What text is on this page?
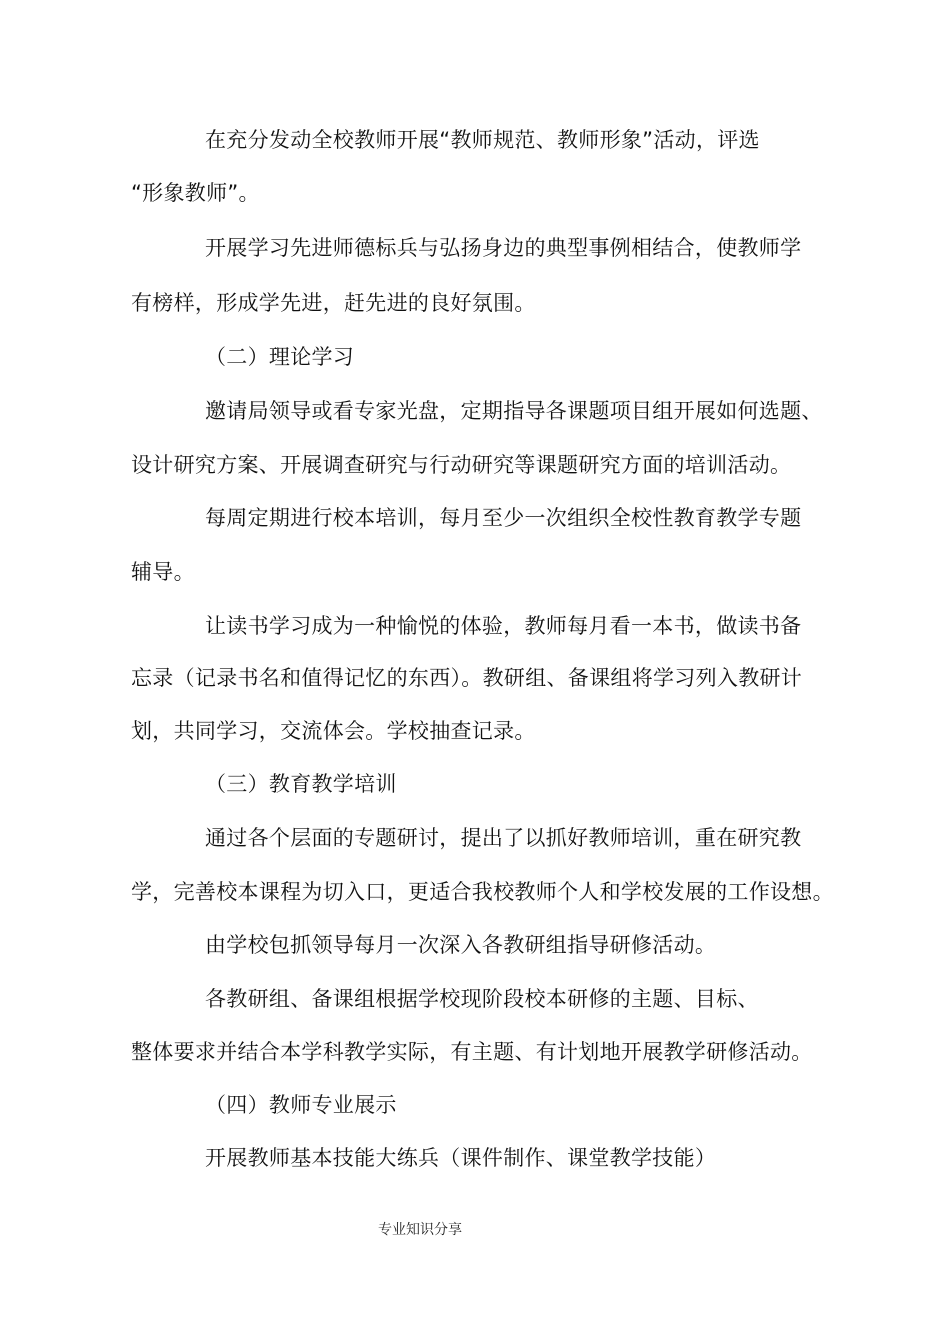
在充分发动全校教师开展“教师规范、教师形象”活动，评选
“形象教师”。
开展学习先进师德标兵与弘扬身边的典型事例相结合，使教师学
有榜样，形成学先进，赶先进的良好氛围。
（二）理论学习
邀请局领导或看专家光盘，定期指导各课题项目组开展如何选题、
设计研究方案、开展调查研究与行动研究等课题研究方面的培训活动。
每周定期进行校本培训，每月至少一次组织全校性教育教学专题
辅导。
让读书学习成为一种愉悦的体验，教师每月看一本书，做读书备
忘录（记录书名和值得记忆的东西）。教研组、备课组将学习列入教研计
划，共同学习，交流体会。学校抽查记录。
（三）教育教学培训
通过各个层面的专题研讨，提出了以抓好教师培训，重在研究教
学，完善校本课程为切入口，更适合我校教师个人和学校发展的工作设想。
由学校包抓领导每月一次深入各教研组指导研修活动。
各教研组、备课组根据学校现阶段校本研修的主题、目标、
整体要求并结合本学科教学实际，有主题、有计划地开展教学研修活动。
（四）教师专业展示
开展教师基本技能大练兵（课件制作、课堂教学技能）
专业知识分享
